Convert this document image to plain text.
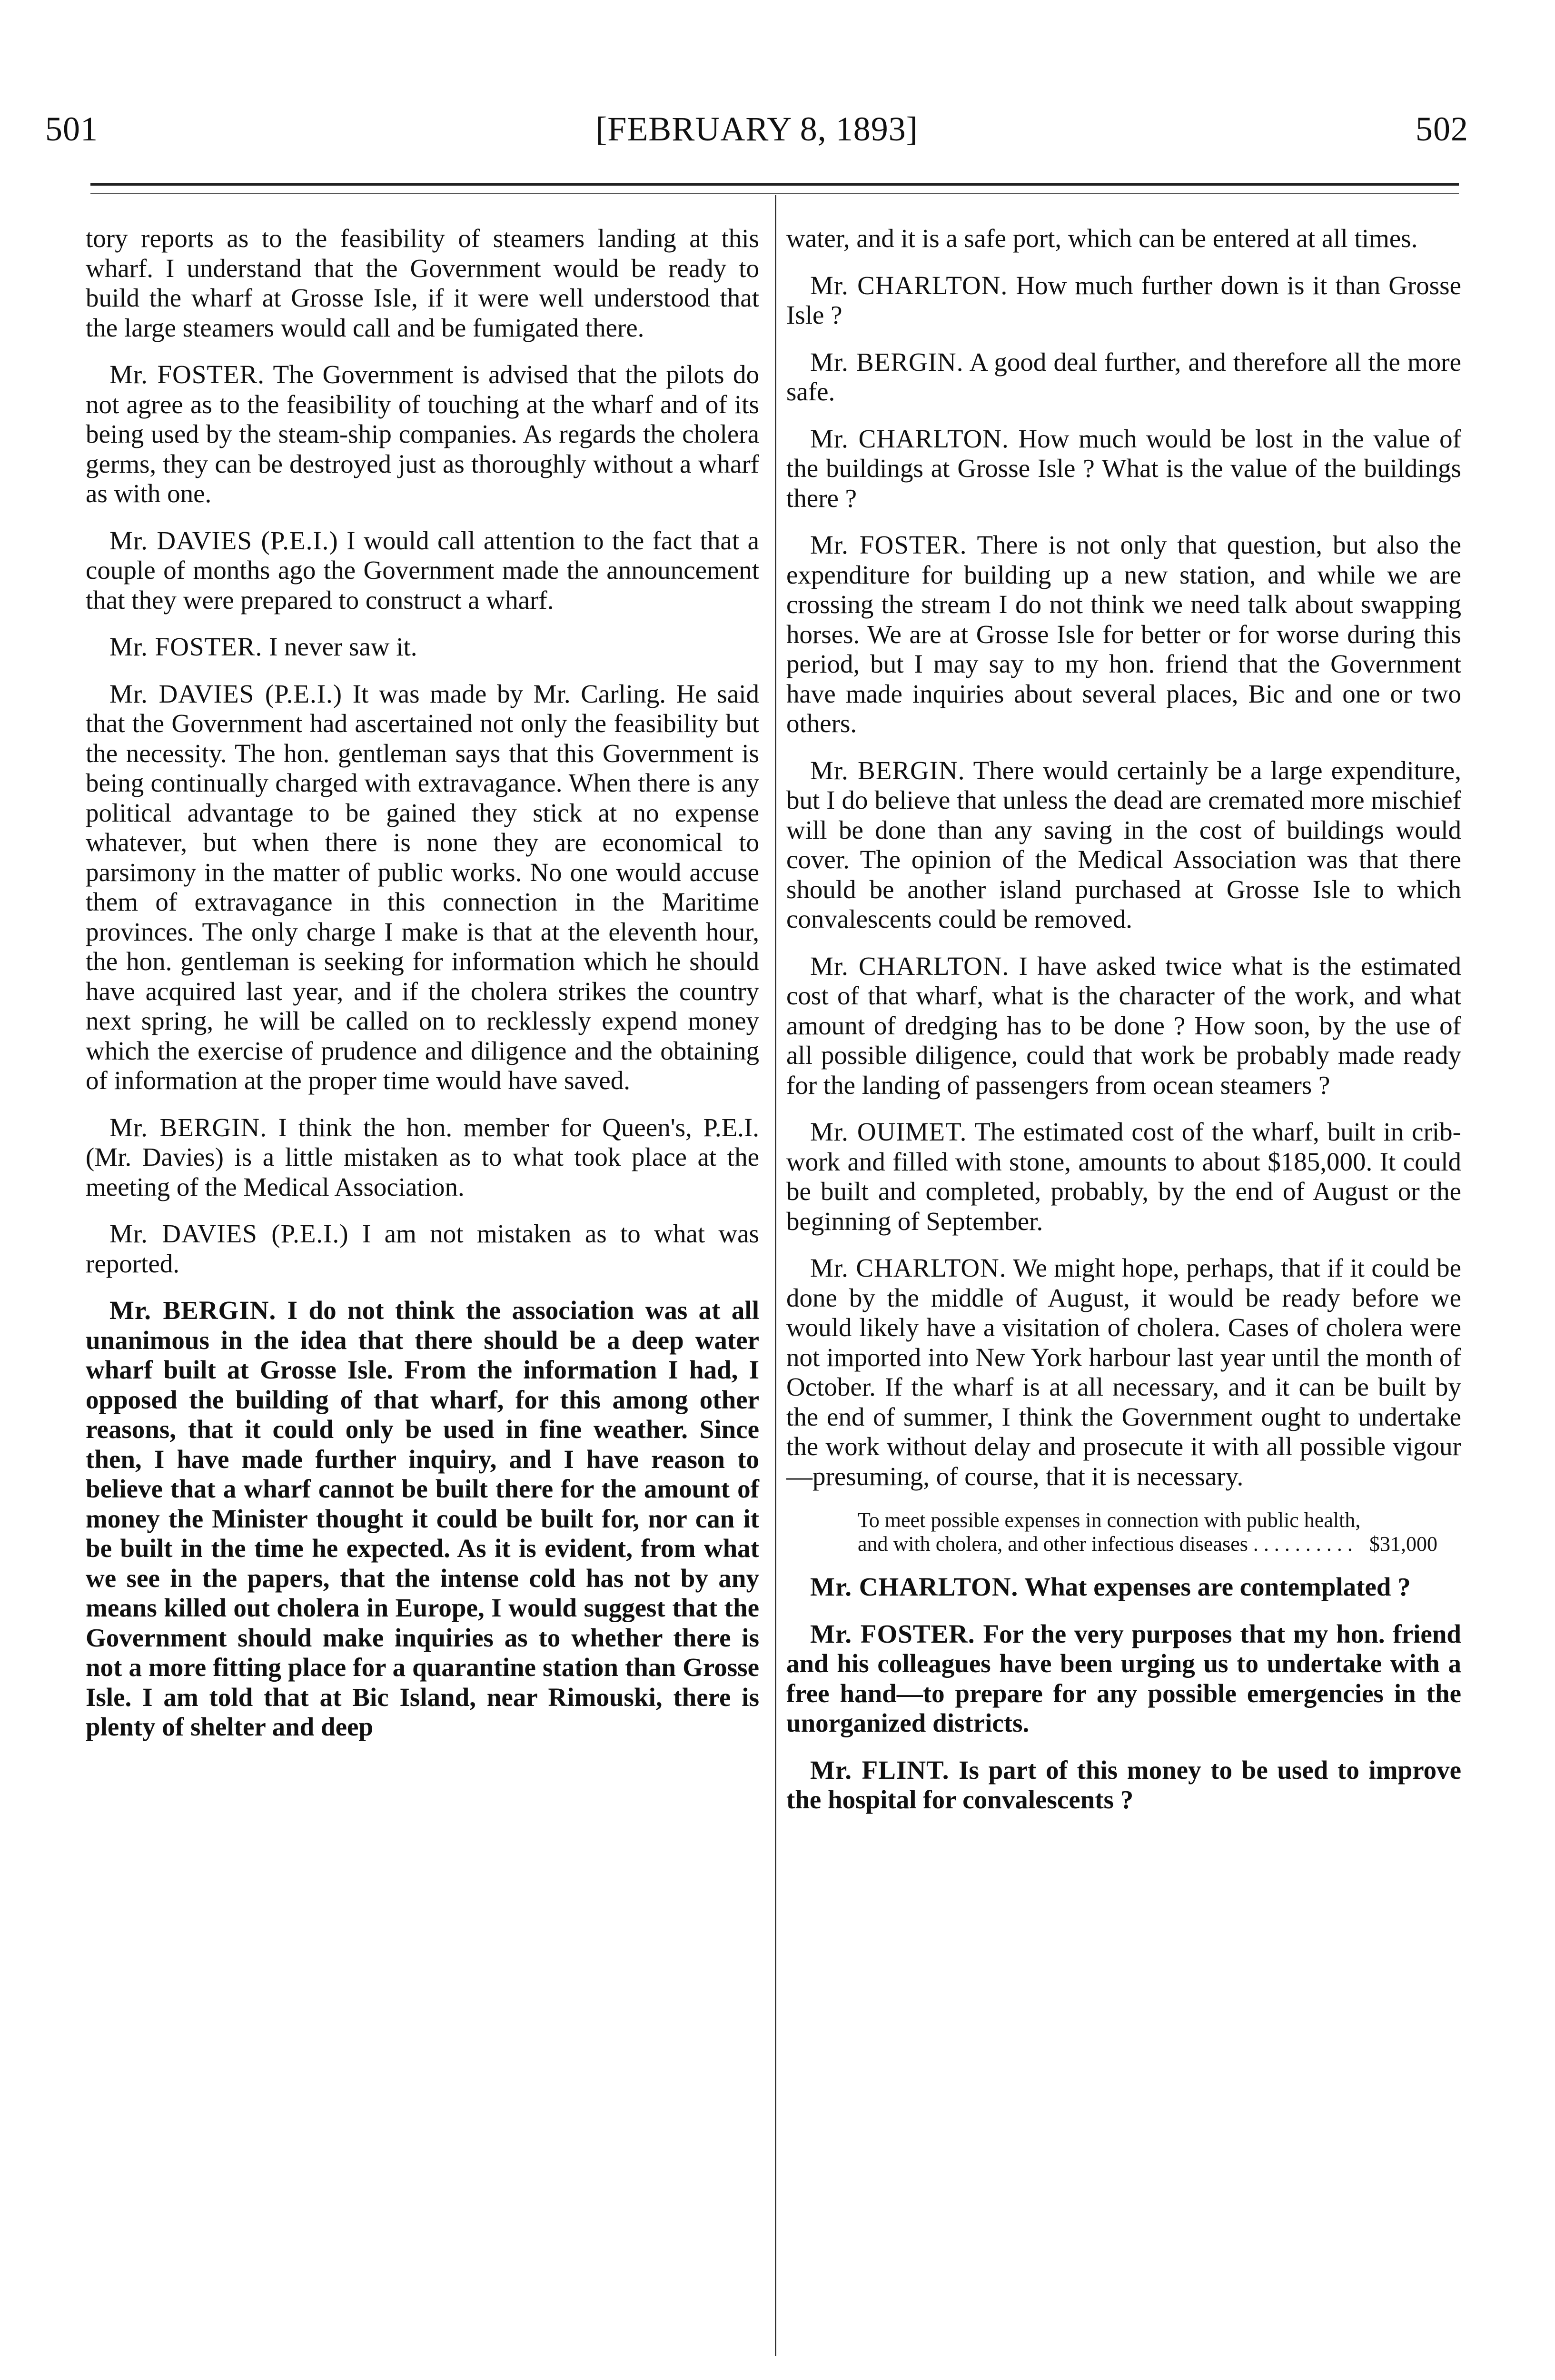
501	[FEBRUARY 8, 1893]	502

tory reports as to the feasibility of steamers landing at this wharf. I understand that the Government would be ready to build the wharf at Grosse Isle, if it were well understood that the large steamers would call and be fumigated there.

Mr. FOSTER. The Government is advised that the pilots do not agree as to the feasibility of touching at the wharf and of its being used by the steam-ship companies. As regards the cholera germs, they can be destroyed just as thoroughly without a wharf as with one.

Mr. DAVIES (P.E.I.) I would call attention to the fact that a couple of months ago the Government made the announcement that they were prepared to construct a wharf.

Mr. FOSTER. I never saw it.

Mr. DAVIES (P.E.I.) It was made by Mr. Carling. He said that the Government had ascertained not only the feasibility but the necessity. The hon. gentleman says that this Government is being continually charged with extravagance. When there is any political advantage to be gained they stick at no expense whatever, but when there is none they are economical to parsimony in the matter of public works. No one would accuse them of extravagance in this connection in the Maritime provinces. The only charge I make is that at the eleventh hour, the hon. gentleman is seeking for information which he should have acquired last year, and if the cholera strikes the country next spring, he will be called on to recklessly expend money which the exercise of prudence and diligence and the obtaining of information at the proper time would have saved.

Mr. BERGIN. I think the hon. member for Queen's, P.E.I. (Mr. Davies) is a little mistaken as to what took place at the meeting of the Medical Association.

Mr. DAVIES (P.E.I.) I am not mistaken as to what was reported.

Mr. BERGIN. I do not think the association was at all unanimous in the idea that there should be a deep water wharf built at Grosse Isle. From the information I had, I opposed the building of that wharf, for this among other reasons, that it could only be used in fine weather. Since then, I have made further inquiry, and I have reason to believe that a wharf cannot be built there for the amount of money the Minister thought it could be built for, nor can it be built in the time he expected. As it is evident, from what we see in the papers, that the intense cold has not by any means killed out cholera in Europe, I would suggest that the Government should make inquiries as to whether there is not a more fitting place for a quarantine station than Grosse Isle. I am told that at Bic Island, near Rimouski, there is plenty of shelter and deep

water, and it is a safe port, which can be entered at all times.

Mr. CHARLTON. How much further down is it than Grosse Isle ?

Mr. BERGIN. A good deal further, and therefore all the more safe.

Mr. CHARLTON. How much would be lost in the value of the buildings at Grosse Isle ? What is the value of the buildings there ?

Mr. FOSTER. There is not only that question, but also the expenditure for building up a new station, and while we are crossing the stream I do not think we need talk about swapping horses. We are at Grosse Isle for better or for worse during this period, but I may say to my hon. friend that the Government have made inquiries about several places, Bic and one or two others.

Mr. BERGIN. There would certainly be a large expenditure, but I do believe that unless the dead are cremated more mischief will be done than any saving in the cost of buildings would cover. The opinion of the Medical Association was that there should be another island purchased at Grosse Isle to which convalescents could be removed.

Mr. CHARLTON. I have asked twice what is the estimated cost of that wharf, what is the character of the work, and what amount of dredging has to be done ? How soon, by the use of all possible diligence, could that work be probably made ready for the landing of passengers from ocean steamers ?

Mr. OUIMET. The estimated cost of the wharf, built in crib-work and filled with stone, amounts to about $185,000. It could be built and completed, probably, by the end of August or the beginning of September.

Mr. CHARLTON. We might hope, perhaps, that if it could be done by the middle of August, it would be ready before we would likely have a visitation of cholera. Cases of cholera were not imported into New York harbour last year until the month of October. If the wharf is at all necessary, and it can be built by the end of summer, I think the Government ought to undertake the work without delay and prosecute it with all possible vigour—presuming, of course, that it is necessary.

To meet possible expenses in connection with public health, and with cholera, and other infectious diseases . . . . . . . . . . $31,000

Mr. CHARLTON. What expenses are contemplated ?

Mr. FOSTER. For the very purposes that my hon. friend and his colleagues have been urging us to undertake with a free hand—to prepare for any possible emergencies in the unorganized districts.

Mr. FLINT. Is part of this money to be used to improve the hospital for convalescents ?
